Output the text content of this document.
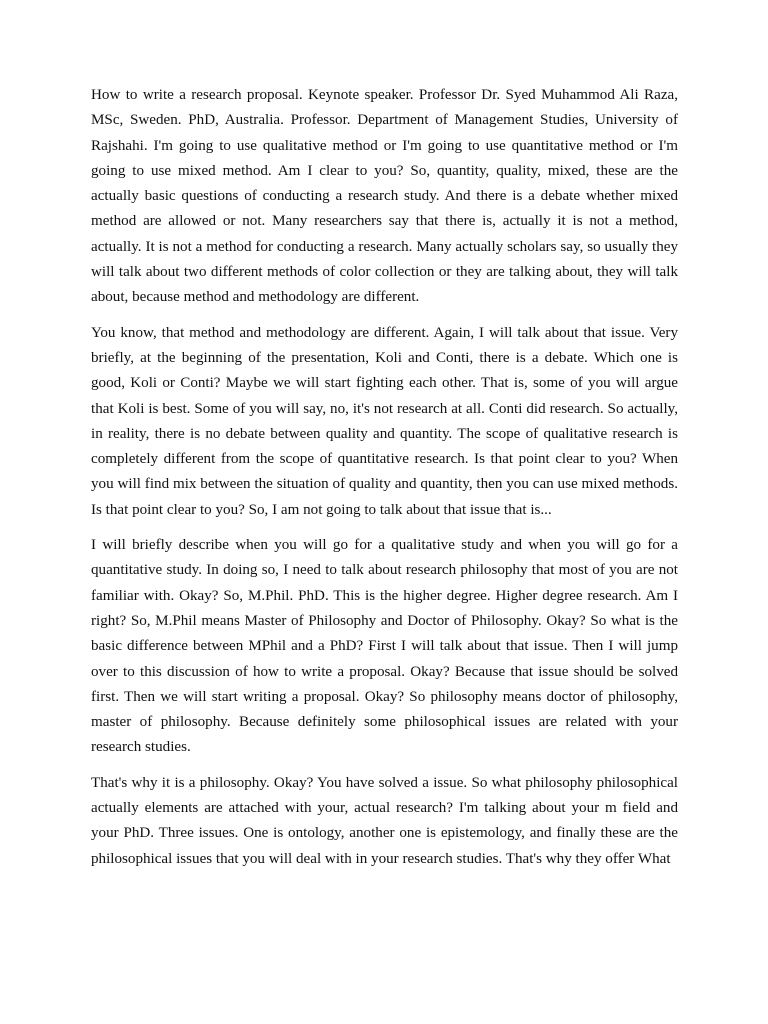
How to write a research proposal. Keynote speaker. Professor Dr. Syed Muhammod Ali Raza, MSc, Sweden. PhD, Australia. Professor. Department of Management Studies, University of Rajshahi. I'm going to use qualitative method or I'm going to use quantitative method or I'm going to use mixed method. Am I clear to you? So, quantity, quality, mixed, these are the actually basic questions of conducting a research study. And there is a debate whether mixed method are allowed or not. Many researchers say that there is, actually it is not a method, actually. It is not a method for conducting a research. Many actually scholars say, so usually they will talk about two different methods of color collection or they are talking about, they will talk about, because method and methodology are different.

You know, that method and methodology are different. Again, I will talk about that issue. Very briefly, at the beginning of the presentation, Koli and Conti, there is a debate. Which one is good, Koli or Conti? Maybe we will start fighting each other. That is, some of you will argue that Koli is best. Some of you will say, no, it's not research at all. Conti did research. So actually, in reality, there is no debate between quality and quantity. The scope of qualitative research is completely different from the scope of quantitative research. Is that point clear to you? When you will find mix between the situation of quality and quantity, then you can use mixed methods. Is that point clear to you? So, I am not going to talk about that issue that is...

I will briefly describe when you will go for a qualitative study and when you will go for a quantitative study. In doing so, I need to talk about research philosophy that most of you are not familiar with. Okay? So, M.Phil. PhD. This is the higher degree. Higher degree research. Am I right? So, M.Phil means Master of Philosophy and Doctor of Philosophy. Okay? So what is the basic difference between MPhil and a PhD? First I will talk about that issue. Then I will jump over to this discussion of how to write a proposal. Okay? Because that issue should be solved first. Then we will start writing a proposal. Okay? So philosophy means doctor of philosophy, master of philosophy. Because definitely some philosophical issues are related with your research studies.

That's why it is a philosophy. Okay? You have solved a issue. So what philosophy philosophical actually elements are attached with your, actual research? I'm talking about your m field and your PhD. Three issues. One is ontology, another one is epistemology, and finally these are the philosophical issues that you will deal with in your research studies. That's why they offer What
